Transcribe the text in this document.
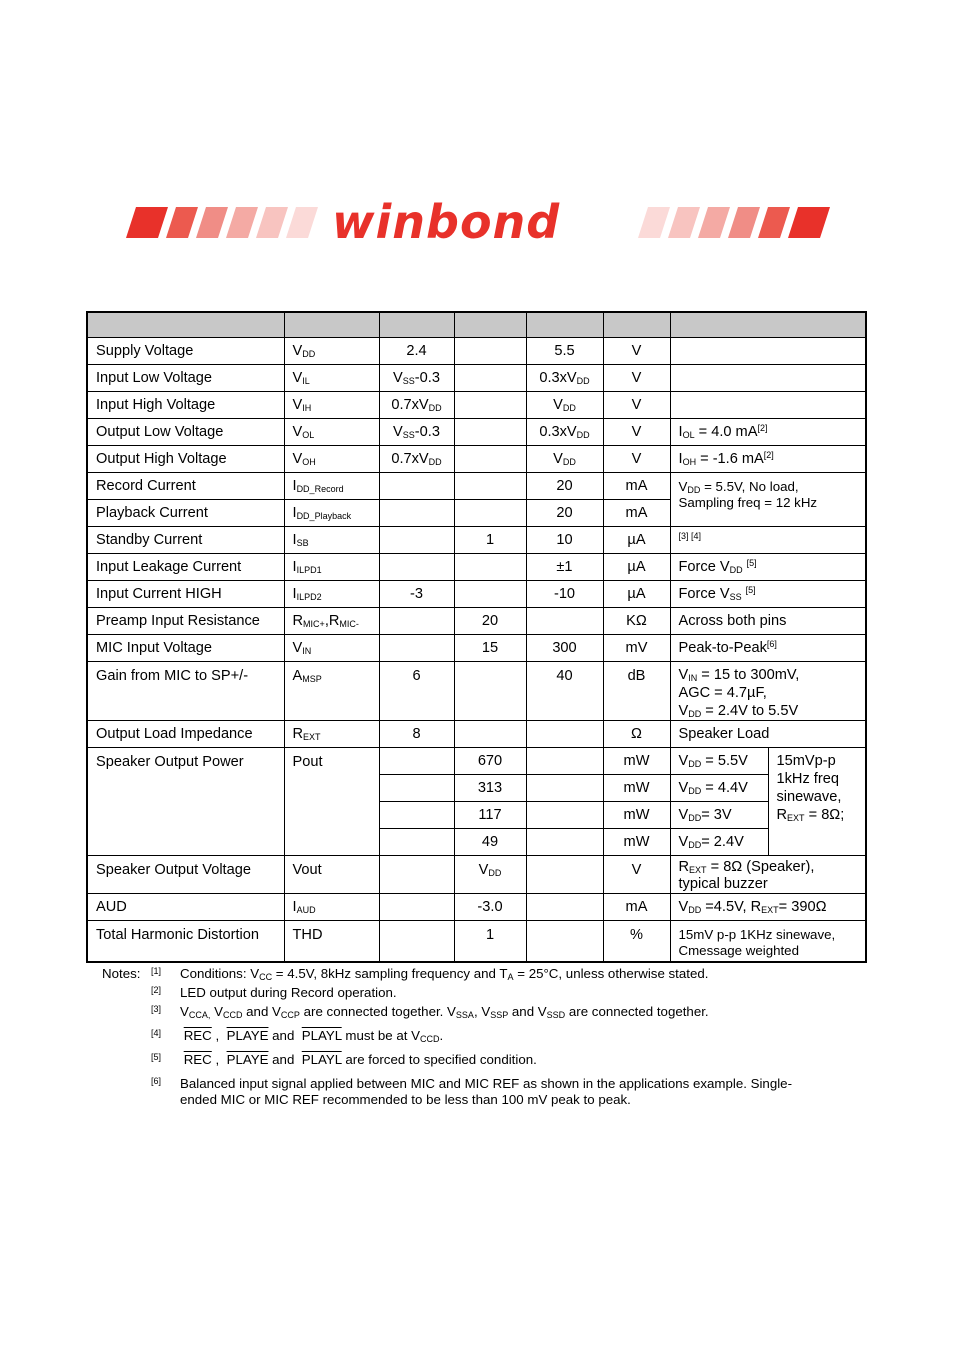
winbond

Supply Voltage	$V_{DD}$	2.4		5.5	V		
Input Low Voltage	$V_{IL}$	$V_{SS}-0.3$		$0.3xV_{DD}$	V		
Input High Voltage	$V_{IH}$	$0.7xV_{DD}$		$V_{DD}$	V		
Output Low Voltage	$V_{OL}$	$V_{SS}-0.3$		$0.3xV_{DD}$	V	$I_{OL} = 4.0$ mA[2]
Output High Voltage	$V_{OH}$	$0.7xV_{DD}$		$V_{DD}$	V	$I_{OH} = -1.6$ mA[2]
Record Current	$I_{DD\_Record}$			20	mA	$V_{DD} = 5.5V$, No load,
Sampling freq = 12 kHz	
Playback Current	$I_{DD\_Playback}$			20	mA		
Standby Current	$I_{SB}$		1	10	µA	[3] [4]
Input Leakage Current	$I_{ILPD1}$			±1	µA	Force $V_{DD}$ [5]
Input Current HIGH	$I_{ILPD2}$	-3		-10	µA	Force $V_{SS}$ [5]
Preamp Input Resistance	$R_{MIC+},R_{MIC-}$		20		KΩ	Across both pins	
MIC Input Voltage	$V_{IN}$		15	300	mV	Peak-to-Peak[6]
Gain from MIC to SP+/-	$A_{MSP}$	6		40	dB	$V_{IN} = 15$ to 300mV,
AGC = 4.7µF,
$V_{DD} = 2.4V$ to 5.5V	
Output Load Impedance	$R_{EXT}$	8			Ω	Speaker Load	
Speaker Output Power	Pout		670		mW	$V_{DD} = 5.5V$	15mVp-p
1kHz freq
sinewave,
$R_{EXT} = 8\Omega$;
			313		mW	$V_{DD} = 4.4V$	
			117		mW	$V_{DD}= 3V$	
			49		mW	$V_{DD}= 2.4V$	
Speaker Output Voltage	Vout		$V_{DD}$		V	$R_{EXT} = 8\Omega$ (Speaker),
typical buzzer	
AUD	$I_{AUD}$		-3.0		mA	$V_{DD} =4.5V$, $R_{EXT}= 390\Omega$	
Total Harmonic Distortion	THD		1		%	15mV p-p 1KHz sinewave,
Cmessage weighted	
Notes: [1] Conditions: $V_{CC} = 4.5V$, 8kHz sampling frequency and $T_A = 25^\circ C$, unless otherwise stated.
[2] LED output during Record operation.
[3] $V_{CCA,}$ $V_{CCD}$ and $V_{CCP}$ are connected together. $V_{SSA}$, $V_{SSP}$ and $V_{SSD}$ are connected together.
[4] $\overline{REC}$ ,  PLAYE and  PLAYL must be at $V_{CCD}$.
[5] $\overline{REC}$ ,  PLAYE and  PLAYL are forced to specified condition.
[6] Balanced input signal applied between MIC and MIC REF as shown in the applications example. Single-
ended MIC or MIC REF recommended to be less than 100 mV peak to peak.
